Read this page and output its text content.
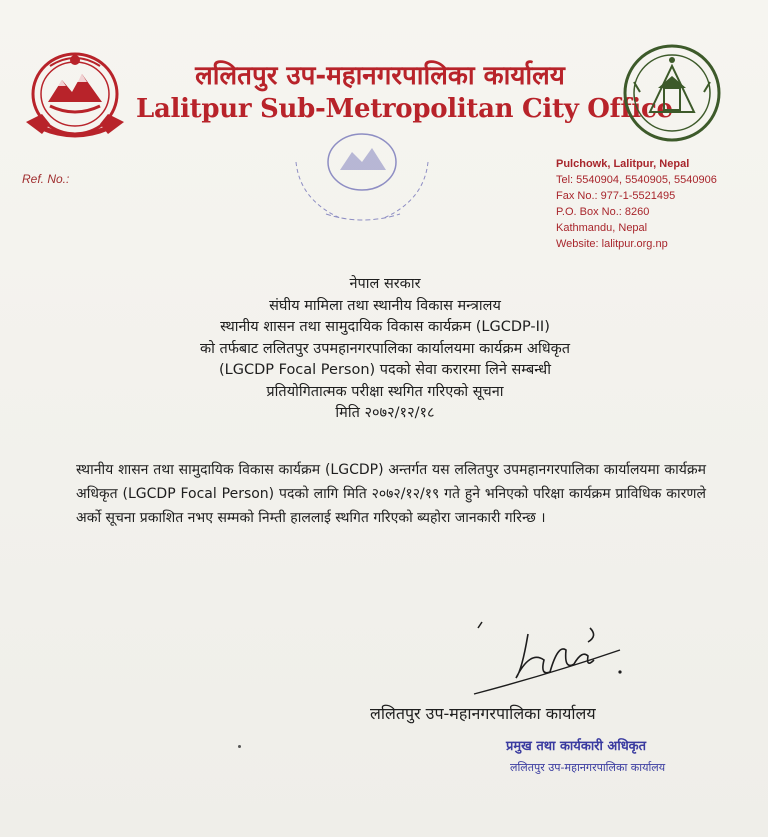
ललितपुर उप-महानगरपालिका कार्यालय
Lalitpur Sub-Metropolitan City Office
Ref. No.:
Pulchowk, Lalitpur, Nepal
Tel: 5540904, 5540905, 5540906
Fax No.: 977-1-5521495
P.O. Box No.: 8260
Kathmandu, Nepal
Website: lalitpur.org.np
नेपाल सरकार
संघीय मामिला तथा स्थानीय विकास मन्त्रालय
स्थानीय शासन तथा सामुदायिक विकास कार्यक्रम (LGCDP-II)
को तर्फबाट ललितपुर उपमहानगरपालिका कार्यालयमा कार्यक्रम अधिकृत
(LGCDP Focal Person) पदको सेवा करारमा लिने सम्बन्धी
प्रतियोगितात्मक परीक्षा स्थगित गरिएको सूचना
मिति २०७२/१२/१८
स्थानीय शासन तथा सामुदायिक विकास कार्यक्रम (LGCDP) अन्तर्गत यस ललितपुर उपमहानगरपालिका कार्यालयमा कार्यक्रम अधिकृत (LGCDP Focal Person) पदको लागि मिति २०७२/१२/१९ गते हुने भनिएको परिक्षा कार्यक्रम प्राविधिक कारणले अर्को सूचना प्रकाशित नभए सम्मको निम्ती हाललाई स्थगित गरिएको ब्यहोरा जानकारी गरिन्छ ।
ललितपुर उप-महानगरपालिका कार्यालय
प्रमुख तथा कार्यकारी अधिकृत
ललितपुर उप-महानगरपालिका कार्यालय
